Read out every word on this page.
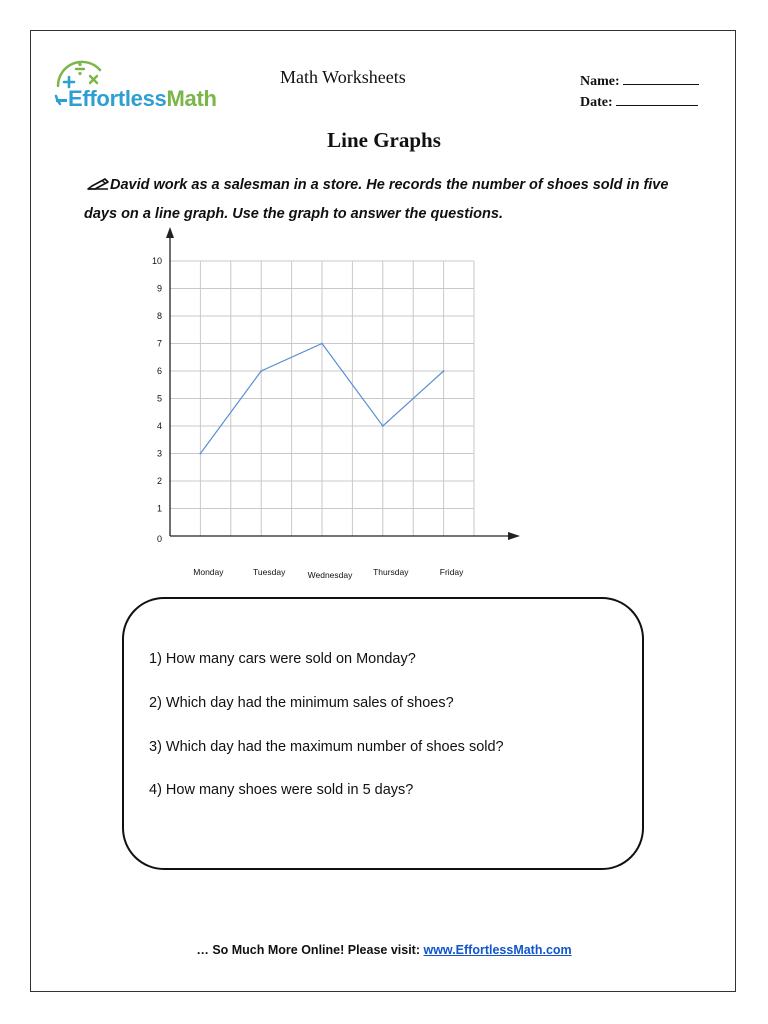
EffortlessMath
Math Worksheets	Name:
Date:
Line Graphs
David work as a salesman in a store. He records the number of shoes sold in five days on a line graph. Use the graph to answer the questions.
0
1
2
3
4
5
6
7
8
9
10
Monday	Tuesday	Wednesday Thursday	Friday
1) How many cars were sold on Monday?
2) Which day had the minimum sales of shoes?
3) Which day had the maximum number of shoes sold?
4) How many shoes were sold in 5 days?
… So Much More Online! Please visit: www.EffortlessMath.com
